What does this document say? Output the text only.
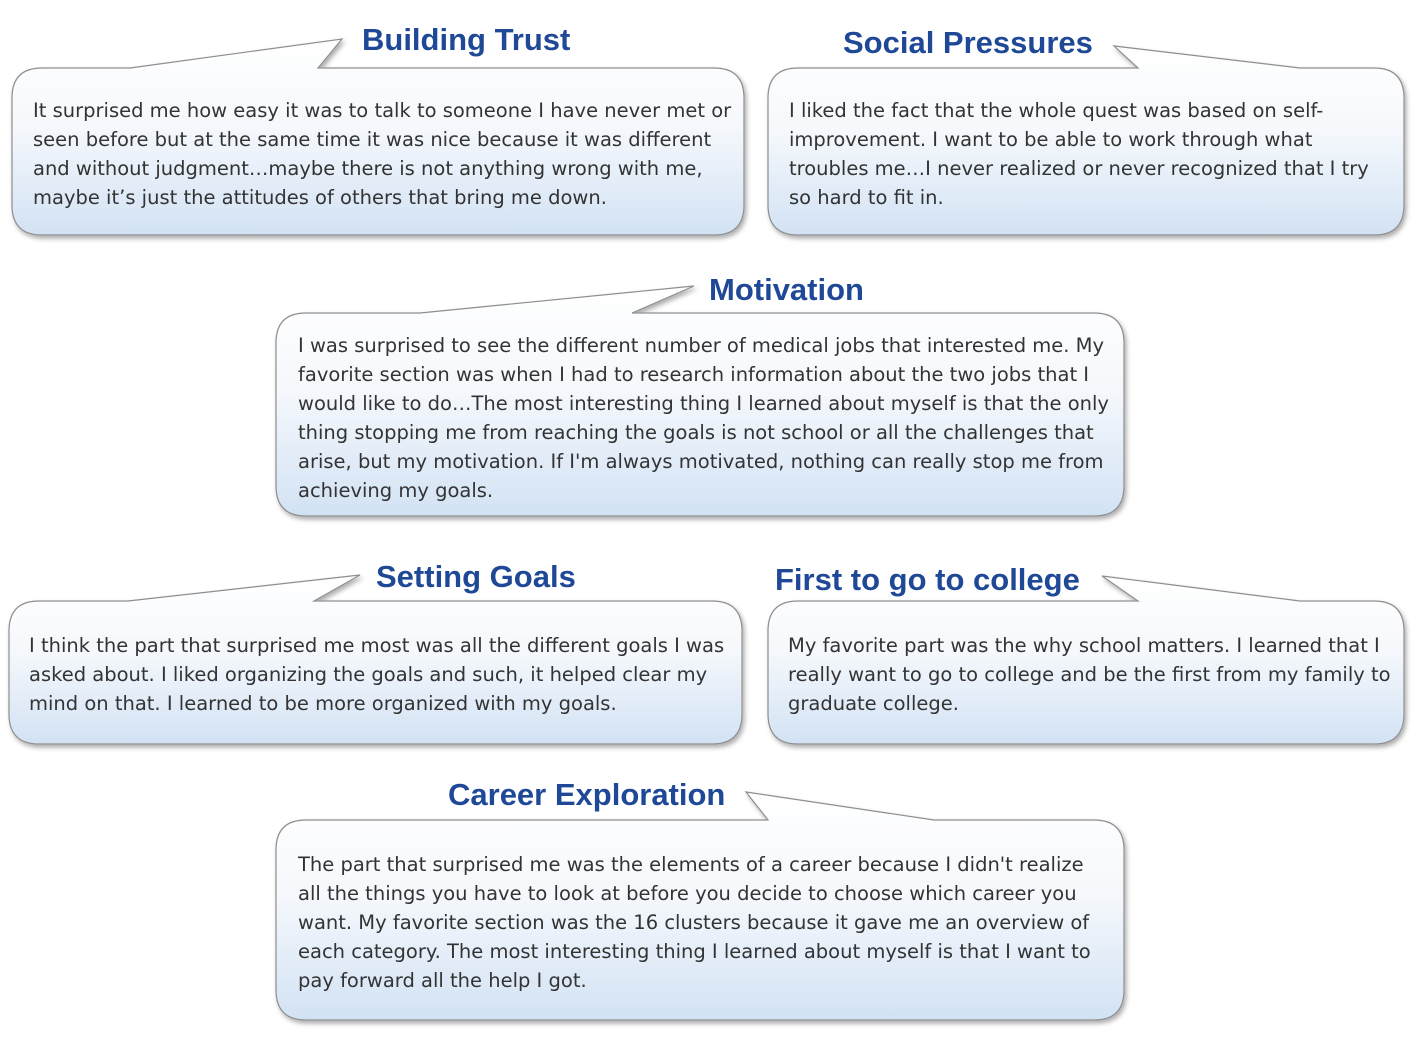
Building Trust	Social Pressures
Motivation
Setting Goals	First to go to college
Career Exploration

It surprised me how easy it was to talk to someone I have never met or seen before but at the same time it was nice because it was different and without judgment…maybe there is not anything wrong with me, maybe it’s just the attitudes of others that bring me down.

I liked the fact that the whole quest was based on self-improvement. I want to be able to work through what troubles me…I never realized or never recognized that I try so hard to fit in.

I was surprised to see the different number of medical jobs that interested me. My favorite section was when I had to research information about the two jobs that I would like to do…The most interesting thing I learned about myself is that the only thing stopping me from reaching the goals is not school or all the challenges that arise, but my motivation. If I'm always motivated, nothing can really stop me from achieving my goals.

I think the part that surprised me most was all the different goals I was asked about. I liked organizing the goals and such, it helped clear my mind on that. I learned to be more organized with my goals.

My favorite part was the why school matters. I learned that I really want to go to college and be the first from my family to graduate college.

The part that surprised me was the elements of a career because I didn't realize all the things you have to look at before you decide to choose which career you want. My favorite section was the 16 clusters because it gave me an overview of each category. The most interesting thing I learned about myself is that I want to pay forward all the help I got.
